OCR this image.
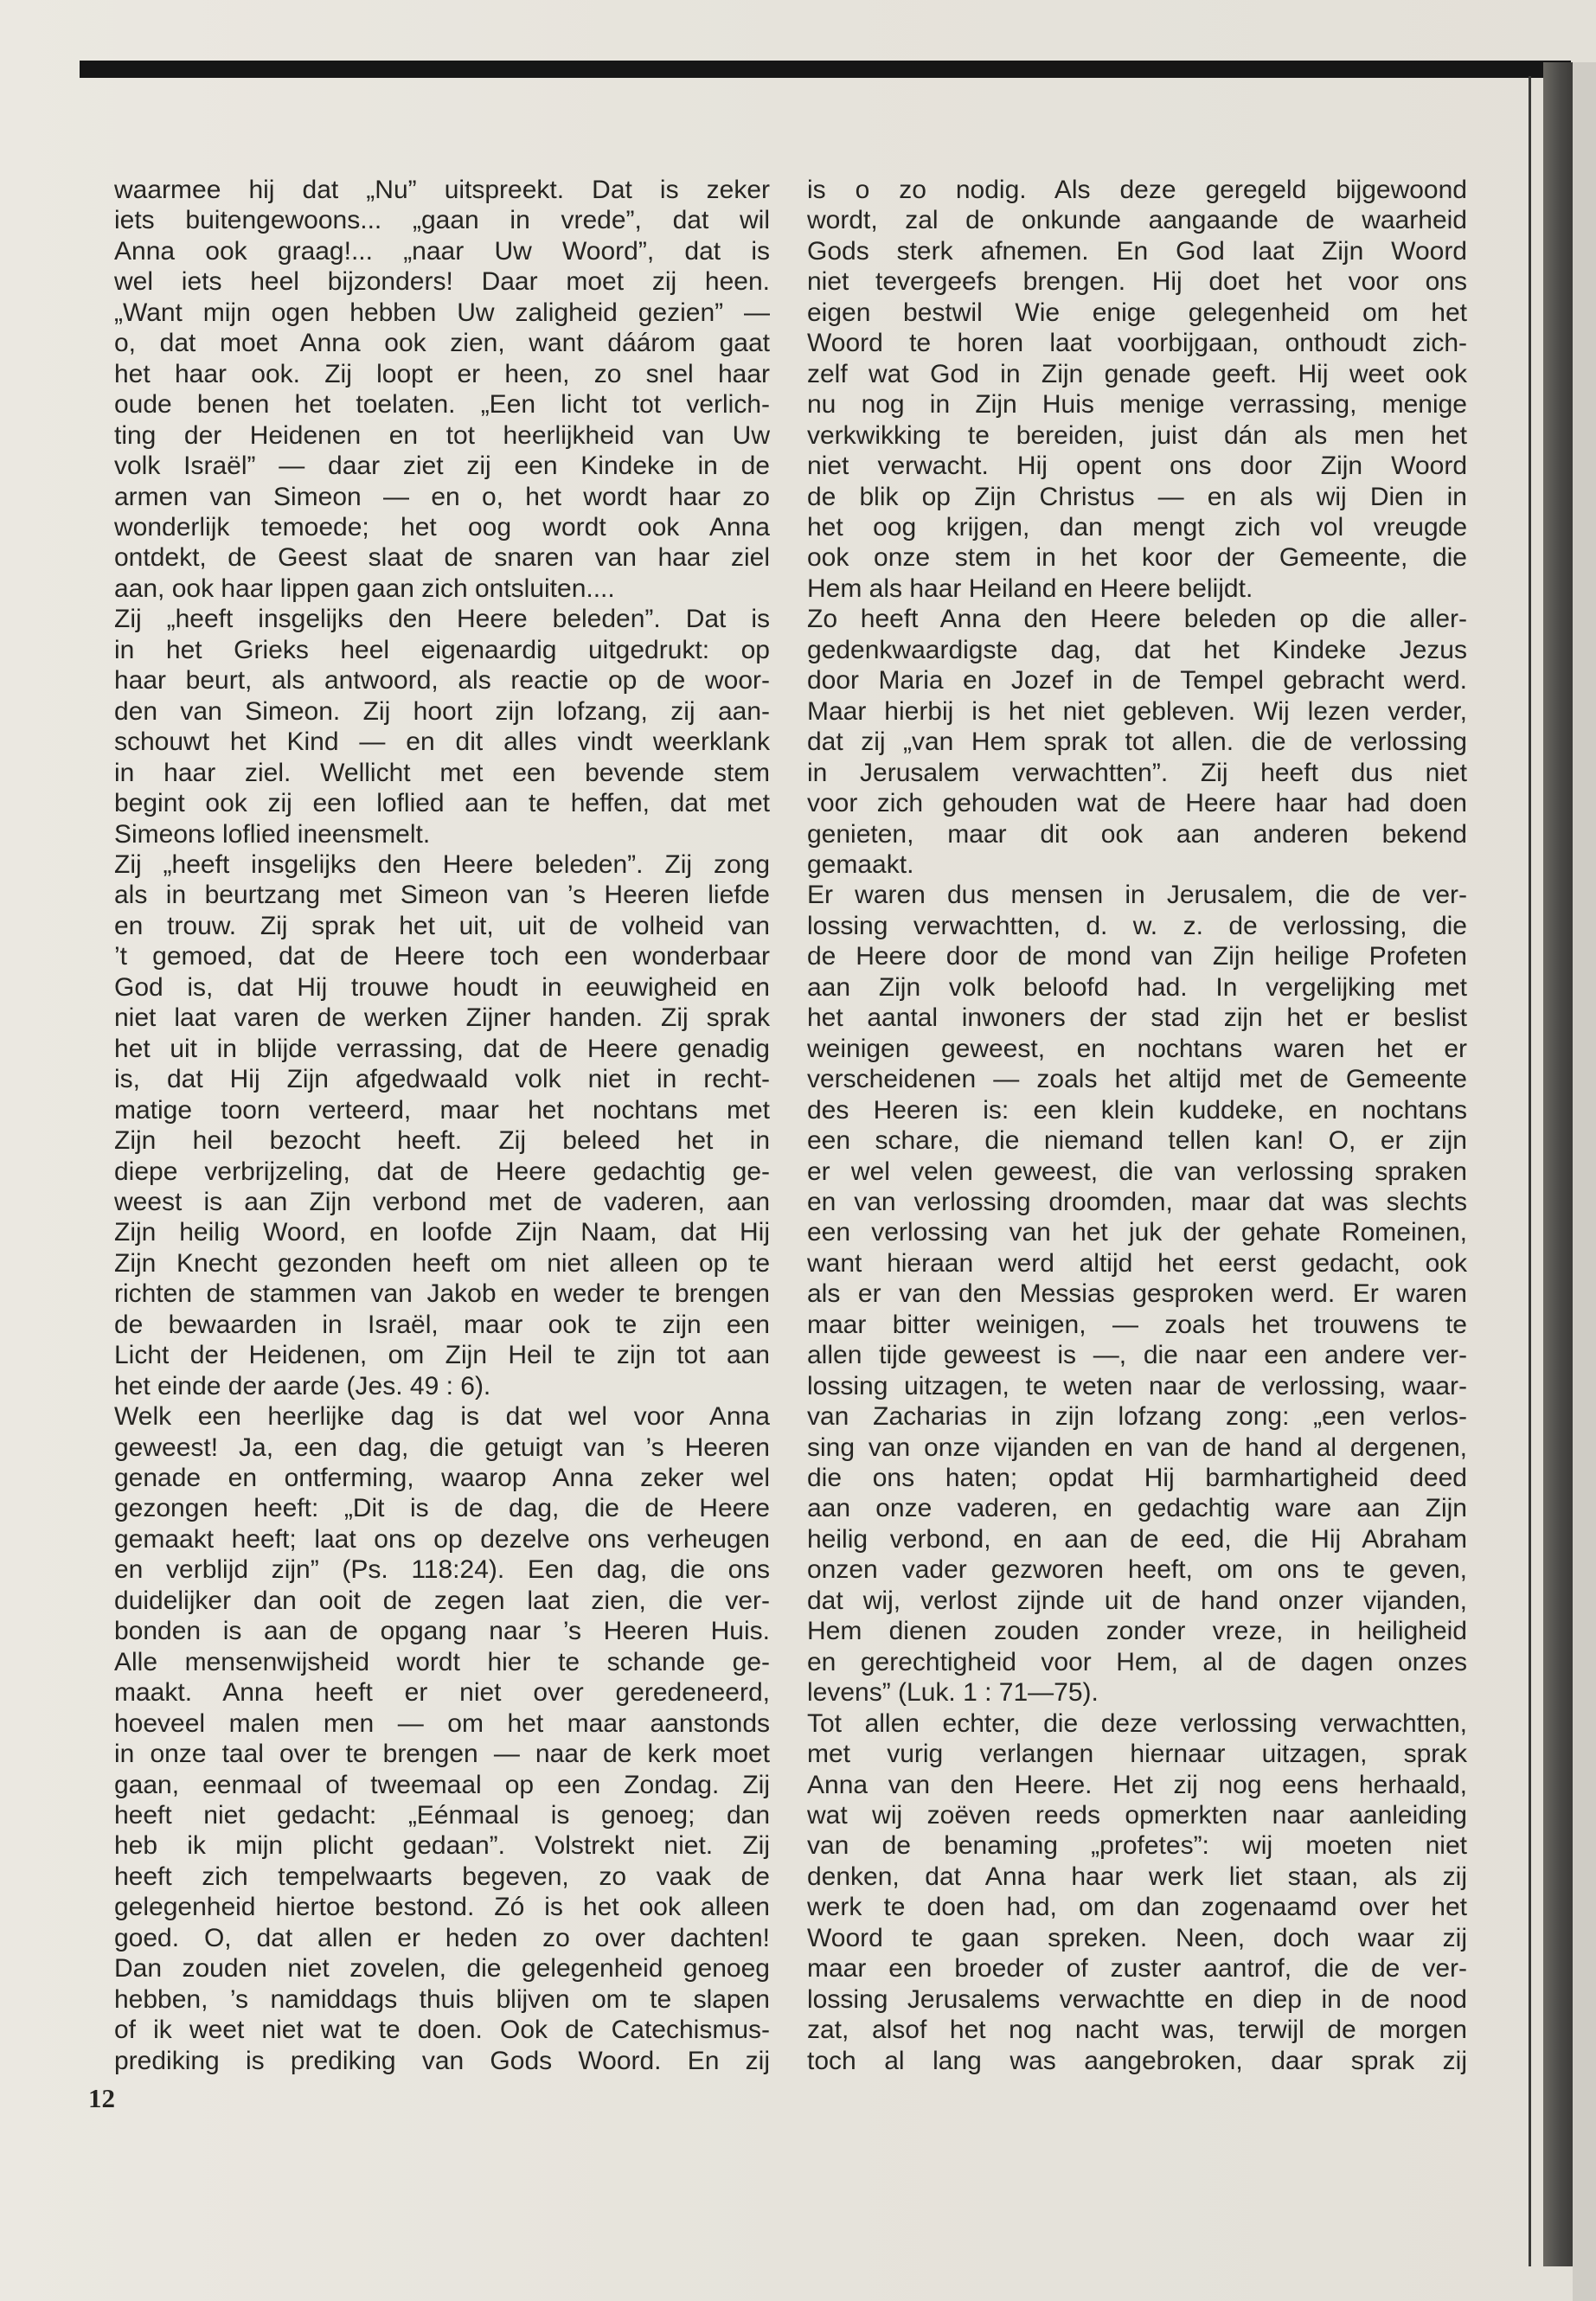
waarmee hij dat „Nu” uitspreekt. Dat is zeker
iets buitengewoons... „gaan in vrede”, dat wil
Anna ook graag!... „naar Uw Woord”, dat is
wel iets heel bijzonders! Daar moet zij heen.
„Want mijn ogen hebben Uw zaligheid gezien” —
o, dat moet Anna ook zien, want dáárom gaat
het haar ook. Zij loopt er heen, zo snel haar
oude benen het toelaten. „Een licht tot verlich-
ting der Heidenen en tot heerlijkheid van Uw
volk Israël” — daar ziet zij een Kindeke in de
armen van Simeon — en o, het wordt haar zo
wonderlijk temoede; het oog wordt ook Anna
ontdekt, de Geest slaat de snaren van haar ziel
aan, ook haar lippen gaan zich ontsluiten....
Zij „heeft insgelijks den Heere beleden”. Dat is
in het Grieks heel eigenaardig uitgedrukt: op
haar beurt, als antwoord, als reactie op de woor-
den van Simeon. Zij hoort zijn lofzang, zij aan-
schouwt het Kind — en dit alles vindt weerklank
in haar ziel. Wellicht met een bevende stem
begint ook zij een loflied aan te heffen, dat met
Simeons loflied ineensmelt.
Zij „heeft insgelijks den Heere beleden”. Zij zong
als in beurtzang met Simeon van ’s Heeren liefde
en trouw. Zij sprak het uit, uit de volheid van
’t gemoed, dat de Heere toch een wonderbaar
God is, dat Hij trouwe houdt in eeuwigheid en
niet laat varen de werken Zijner handen. Zij sprak
het uit in blijde verrassing, dat de Heere genadig
is, dat Hij Zijn afgedwaald volk niet in recht-
matige toorn verteerd, maar het nochtans met
Zijn heil bezocht heeft. Zij beleed het in
diepe verbrijzeling, dat de Heere gedachtig ge-
weest is aan Zijn verbond met de vaderen, aan
Zijn heilig Woord, en loofde Zijn Naam, dat Hij
Zijn Knecht gezonden heeft om niet alleen op te
richten de stammen van Jakob en weder te brengen
de bewaarden in Israël, maar ook te zijn een
Licht der Heidenen, om Zijn Heil te zijn tot aan
het einde der aarde (Jes. 49 : 6).
Welk een heerlijke dag is dat wel voor Anna
geweest! Ja, een dag, die getuigt van ’s Heeren
genade en ontferming, waarop Anna zeker wel
gezongen heeft: „Dit is de dag, die de Heere
gemaakt heeft; laat ons op dezelve ons verheugen
en verblijd zijn” (Ps. 118:24). Een dag, die ons
duidelijker dan ooit de zegen laat zien, die ver-
bonden is aan de opgang naar ’s Heeren Huis.
Alle mensenwijsheid wordt hier te schande ge-
maakt. Anna heeft er niet over geredeneerd,
hoeveel malen men — om het maar aanstonds
in onze taal over te brengen — naar de kerk moet
gaan, eenmaal of tweemaal op een Zondag. Zij
heeft niet gedacht: „Eénmaal is genoeg; dan
heb ik mijn plicht gedaan”. Volstrekt niet. Zij
heeft zich tempelwaarts begeven, zo vaak de
gelegenheid hiertoe bestond. Zó is het ook alleen
goed. O, dat allen er heden zo over dachten!
Dan zouden niet zovelen, die gelegenheid genoeg
hebben, ’s namiddags thuis blijven om te slapen
of ik weet niet wat te doen. Ook de Catechismus-
prediking is prediking van Gods Woord. En zij
is o zo nodig. Als deze geregeld bijgewoond
wordt, zal de onkunde aangaande de waarheid
Gods sterk afnemen. En God laat Zijn Woord
niet tevergeefs brengen. Hij doet het voor ons
eigen bestwil Wie enige gelegenheid om het
Woord te horen laat voorbijgaan, onthoudt zich-
zelf wat God in Zijn genade geeft. Hij weet ook
nu nog in Zijn Huis menige verrassing, menige
verkwikking te bereiden, juist dán als men het
niet verwacht. Hij opent ons door Zijn Woord
de blik op Zijn Christus — en als wij Dien in
het oog krijgen, dan mengt zich vol vreugde
ook onze stem in het koor der Gemeente, die
Hem als haar Heiland en Heere belijdt.
Zo heeft Anna den Heere beleden op die aller-
gedenkwaardigste dag, dat het Kindeke Jezus
door Maria en Jozef in de Tempel gebracht werd.
Maar hierbij is het niet gebleven. Wij lezen verder,
dat zij „van Hem sprak tot allen. die de verlossing
in Jerusalem verwachtten”. Zij heeft dus niet
voor zich gehouden wat de Heere haar had doen
genieten, maar dit ook aan anderen bekend
gemaakt.
Er waren dus mensen in Jerusalem, die de ver-
lossing verwachtten, d. w. z. de verlossing, die
de Heere door de mond van Zijn heilige Profeten
aan Zijn volk beloofd had. In vergelijking met
het aantal inwoners der stad zijn het er beslist
weinigen geweest, en nochtans waren het er
verscheidenen — zoals het altijd met de Gemeente
des Heeren is: een klein kuddeke, en nochtans
een schare, die niemand tellen kan! O, er zijn
er wel velen geweest, die van verlossing spraken
en van verlossing droomden, maar dat was slechts
een verlossing van het juk der gehate Romeinen,
want hieraan werd altijd het eerst gedacht, ook
als er van den Messias gesproken werd. Er waren
maar bitter weinigen, — zoals het trouwens te
allen tijde geweest is —, die naar een andere ver-
lossing uitzagen, te weten naar de verlossing, waar-
van Zacharias in zijn lofzang zong: „een verlos-
sing van onze vijanden en van de hand al dergenen,
die ons haten; opdat Hij barmhartigheid deed
aan onze vaderen, en gedachtig ware aan Zijn
heilig verbond, en aan de eed, die Hij Abraham
onzen vader gezworen heeft, om ons te geven,
dat wij, verlost zijnde uit de hand onzer vijanden,
Hem dienen zouden zonder vreze, in heiligheid
en gerechtigheid voor Hem, al de dagen onzes
levens” (Luk. 1 : 71—75).
Tot allen echter, die deze verlossing verwachtten,
met vurig verlangen hiernaar uitzagen, sprak
Anna van den Heere. Het zij nog eens herhaald,
wat wij zoëven reeds opmerkten naar aanleiding
van de benaming „profetes”: wij moeten niet
denken, dat Anna haar werk liet staan, als zij
werk te doen had, om dan zogenaamd over het
Woord te gaan spreken. Neen, doch waar zij
maar een broeder of zuster aantrof, die de ver-
lossing Jerusalems verwachtte en diep in de nood
zat, alsof het nog nacht was, terwijl de morgen
toch al lang was aangebroken, daar sprak zij
12
